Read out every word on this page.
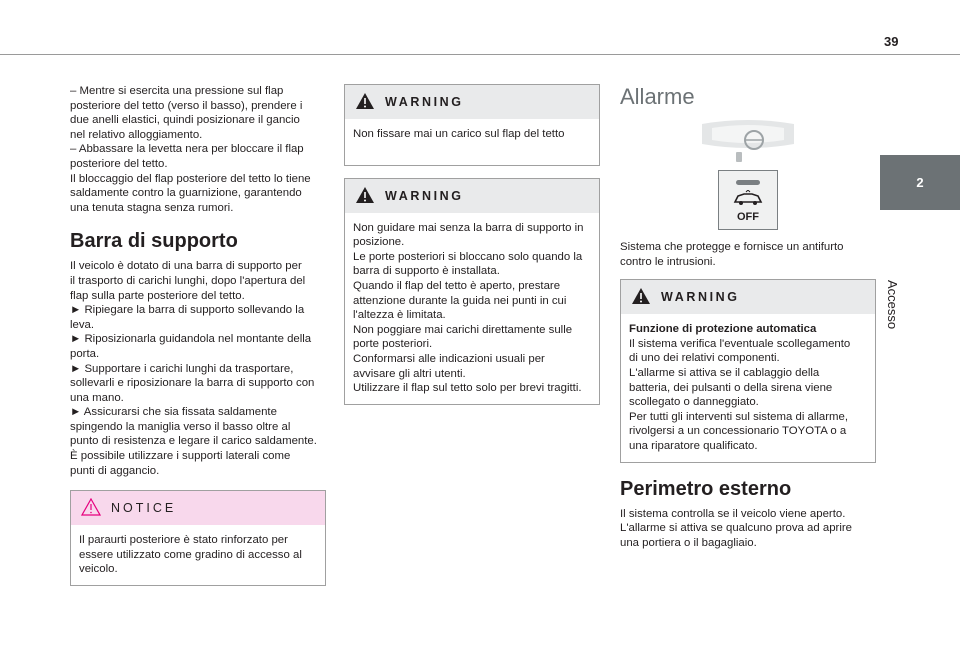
39
2
Accesso

– Mentre si esercita una pressione sul flap

posteriore del tetto (verso il basso), prendere i

due anelli elastici, quindi posizionare il gancio

nel relativo alloggiamento.

– Abbassare la levetta nera per bloccare il flap

posteriore del tetto.

Il bloccaggio del flap posteriore del tetto lo tiene

saldamente contro la guarnizione, garantendo

una tenuta stagna senza rumori.

Barra di supporto

Il veicolo è dotato di una barra di supporto per

il trasporto di carichi lunghi, dopo l'apertura del

flap sulla parte posteriore del tetto.

► Ripiegare la barra di supporto sollevando la

leva.

► Riposizionarla guidandola nel montante della

porta.

► Supportare i carichi lunghi da trasportare,

sollevarli e riposizionare la barra di supporto con

una mano.

► Assicurarsi che sia fissata saldamente

spingendo la maniglia verso il basso oltre al

punto di resistenza e legare il carico saldamente.

È possibile utilizzare i supporti laterali come

punti di aggancio.

NOTICE

Il paraurti posteriore è stato rinforzato per

essere utilizzato come gradino di accesso al

veicolo.

WARNING

Non fissare mai un carico sul flap del tetto

WARNING

Non guidare mai senza la barra di supporto in

posizione.

Le porte posteriori si bloccano solo quando la

barra di supporto è installata.

Quando il flap del tetto è aperto, prestare

attenzione durante la guida nei punti in cui

l'altezza è limitata.

Non poggiare mai carichi direttamente sulle

porte posteriori.

Conformarsi alle indicazioni usuali per

avvisare gli altri utenti.

Utilizzare il flap sul tetto solo per brevi tragitti.

Allarme
OFF

Sistema che protegge e fornisce un antifurto

contro le intrusioni.

WARNING

Funzione di protezione automatica

Il sistema verifica l'eventuale scollegamento

di uno dei relativi componenti.

L'allarme si attiva se il cablaggio della

batteria, dei pulsanti o della sirena viene

scollegato o danneggiato.

Per tutti gli interventi sul sistema di allarme,

rivolgersi a un concessionario TOYOTA o a

una riparatore qualificato.

Perimetro esterno

Il sistema controlla se il veicolo viene aperto.

L'allarme si attiva se qualcuno prova ad aprire

una portiera o il bagagliaio.
